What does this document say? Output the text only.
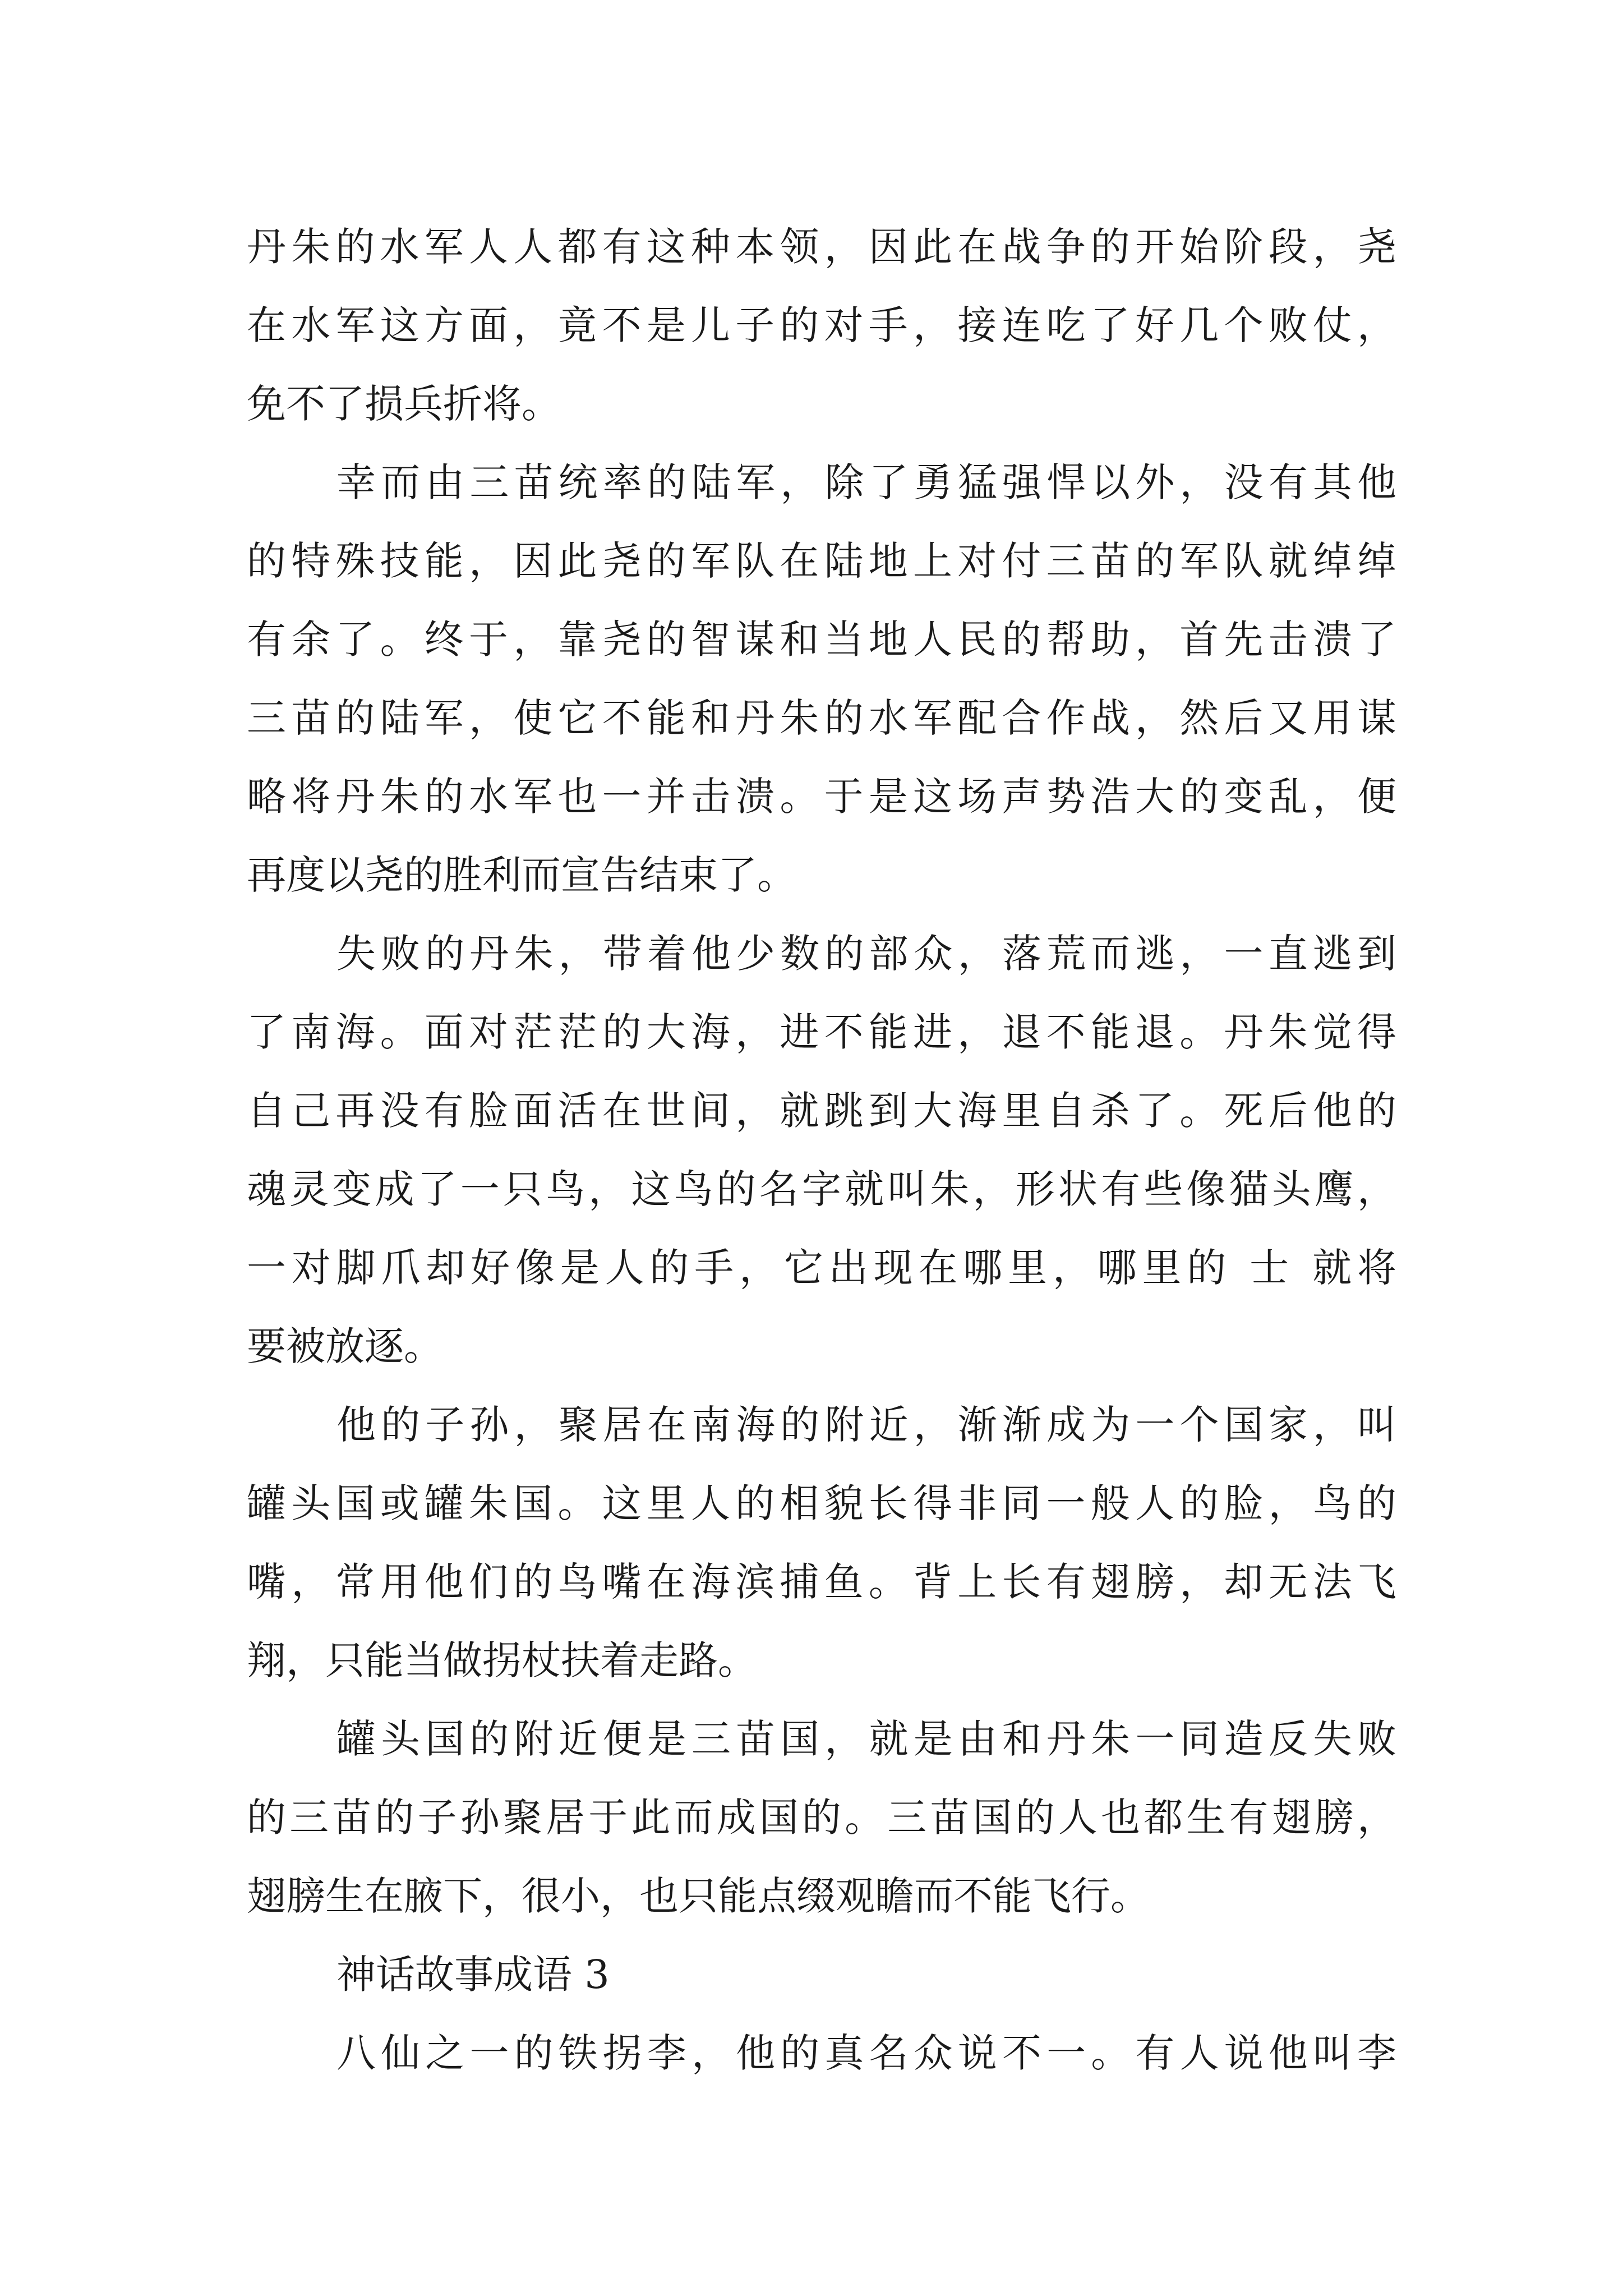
丹朱的水军人人都有这种本领，因此在战争的开始阶段，尧
在水军这方面，竟不是儿子的对手，接连吃了好几个败仗，
免不了损兵折将。
幸而由三苗统率的陆军，除了勇猛强悍以外，没有其他
的特殊技能，因此尧的军队在陆地上对付三苗的军队就绰绰
有余了。终于，靠尧的智谋和当地人民的帮助，首先击溃了
三苗的陆军，使它不能和丹朱的水军配合作战，然后又用谋
略将丹朱的水军也一并击溃。于是这场声势浩大的变乱，便
再度以尧的胜利而宣告结束了。
失败的丹朱，带着他少数的部众，落荒而逃，一直逃到
了南海。面对茫茫的大海，进不能进，退不能退。丹朱觉得
自己再没有脸面活在世间，就跳到大海里自杀了。死后他的
魂灵变成了一只鸟，这鸟的名字就叫朱，形状有些像猫头鹰，
一对脚爪却好像是人的手，它出现在哪里，哪里的 士 就将
要被放逐。
他的子孙，聚居在南海的附近，渐渐成为一个国家，叫
罐头国或罐朱国。这里人的相貌长得非同一般人的脸，鸟的
嘴，常用他们的鸟嘴在海滨捕鱼。背上长有翅膀，却无法飞
翔，只能当做拐杖扶着走路。
罐头国的附近便是三苗国，就是由和丹朱一同造反失败
的三苗的子孙聚居于此而成国的。三苗国的人也都生有翅膀，
翅膀生在腋下，很小，也只能点缀观瞻而不能飞行。
神话故事成语 3
八仙之一的铁拐李，他的真名众说不一。有人说他叫李
